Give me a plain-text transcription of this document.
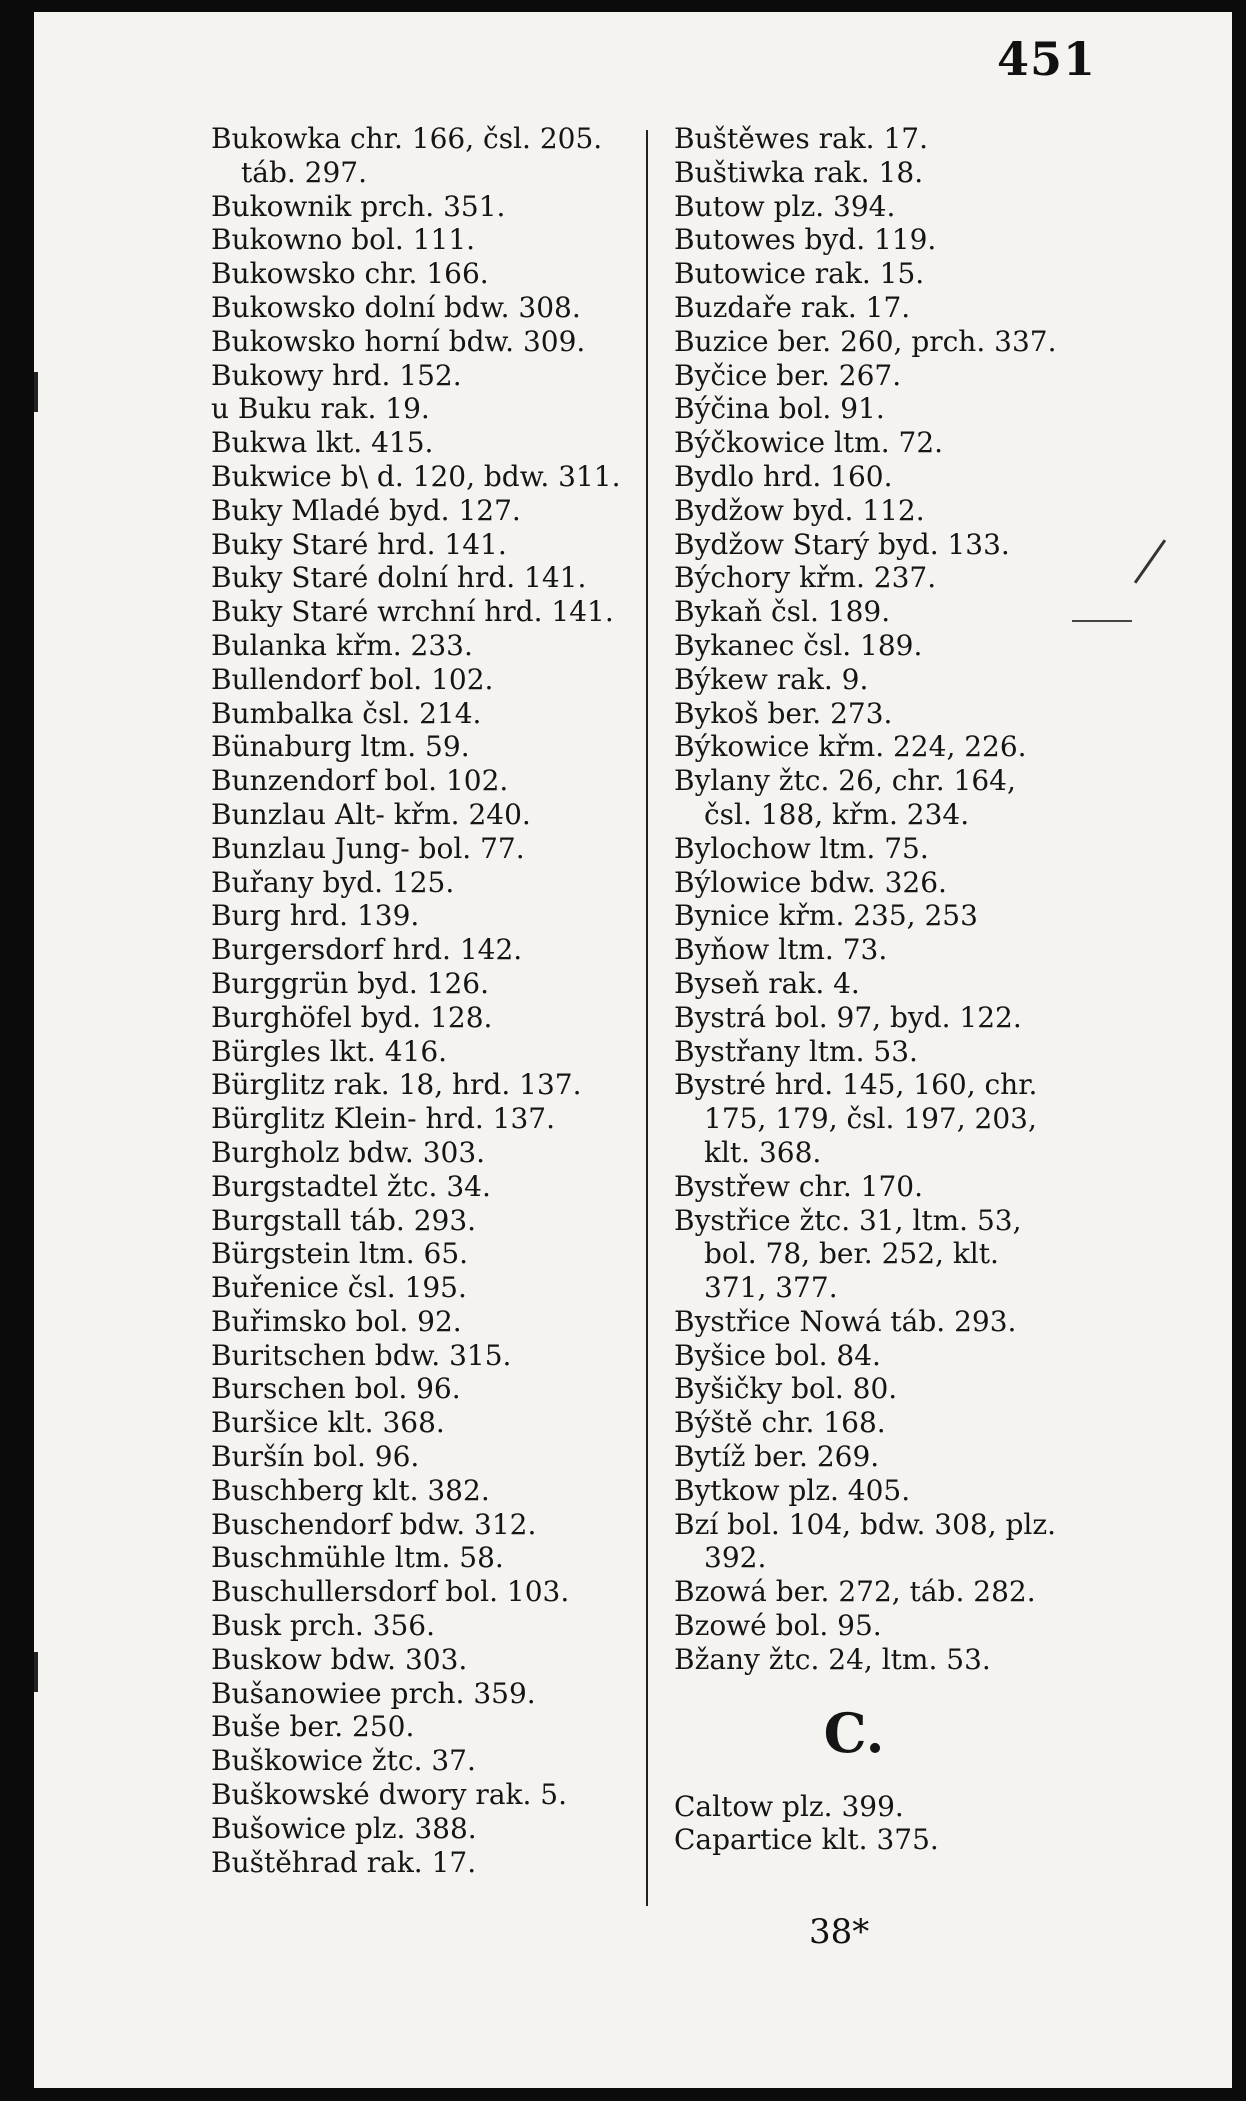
451
Bukowka chr. 166, čsl. 205.
táb. 297.
Bukownik prch. 351.
Bukowno bol. 111.
Bukowsko chr. 166.
Bukowsko dolní bdw. 308.
Bukowsko horní bdw. 309.
Bukowy hrd. 152.
u Buku rak. 19.
Bukwa lkt. 415.
Bukwice b\ d. 120, bdw. 311.
Buky Mladé byd. 127.
Buky Staré hrd. 141.
Buky Staré dolní hrd. 141.
Buky Staré wrchní hrd. 141.
Bulanka křm. 233.
Bullendorf bol. 102.
Bumbalka čsl. 214.
Bünaburg ltm. 59.
Bunzendorf bol. 102.
Bunzlau Alt- křm. 240.
Bunzlau Jung- bol. 77.
Buřany byd. 125.
Burg hrd. 139.
Burgersdorf hrd. 142.
Burggrün byd. 126.
Burghöfel byd. 128.
Bürgles lkt. 416.
Bürglitz rak. 18, hrd. 137.
Bürglitz Klein- hrd. 137.
Burgholz bdw. 303.
Burgstadtel žtc. 34.
Burgstall táb. 293.
Bürgstein ltm. 65.
Buřenice čsl. 195.
Buřimsko bol. 92.
Buritschen bdw. 315.
Burschen bol. 96.
Buršice klt. 368.
Buršín bol. 96.
Buschberg klt. 382.
Buschendorf bdw. 312.
Buschmühle ltm. 58.
Buschullersdorf bol. 103.
Busk prch. 356.
Buskow bdw. 303.
Bušanowiee prch. 359.
Buše ber. 250.
Buškowice žtc. 37.
Buškowské dwory rak. 5.
Bušowice plz. 388.
Buštěhrad rak. 17.
Buštěwes rak. 17.
Buštiwka rak. 18.
Butow plz. 394.
Butowes byd. 119.
Butowice rak. 15.
Buzdaře rak. 17.
Buzice ber. 260, prch. 337.
Byčice ber. 267.
Býčina bol. 91.
Býčkowice ltm. 72.
Bydlo hrd. 160.
Bydžow byd. 112.
Bydžow Starý byd. 133.
Býchory křm. 237.
Bykaň čsl. 189.
Bykanec čsl. 189.
Býkew rak. 9.
Bykoš ber. 273.
Býkowice křm. 224, 226.
Bylany žtc. 26, chr. 164,
čsl. 188, křm. 234.
Bylochow ltm. 75.
Býlowice bdw. 326.
Bynice křm. 235, 253
Byňow ltm. 73.
Byseň rak. 4.
Bystrá bol. 97, byd. 122.
Bystřany ltm. 53.
Bystré hrd. 145, 160, chr.
175, 179, čsl. 197, 203,
klt. 368.
Bystřew chr. 170.
Bystřice žtc. 31, ltm. 53,
bol. 78, ber. 252, klt.
371, 377.
Bystřice Nowá táb. 293.
Byšice bol. 84.
Byšičky bol. 80.
Býště chr. 168.
Bytíž ber. 269.
Bytkow plz. 405.
Bzí bol. 104, bdw. 308, plz.
392.
Bzowá ber. 272, táb. 282.
Bzowé bol. 95.
Bžany žtc. 24, ltm. 53.
C.
Caltow plz. 399.
Capartice klt. 375.
38*
